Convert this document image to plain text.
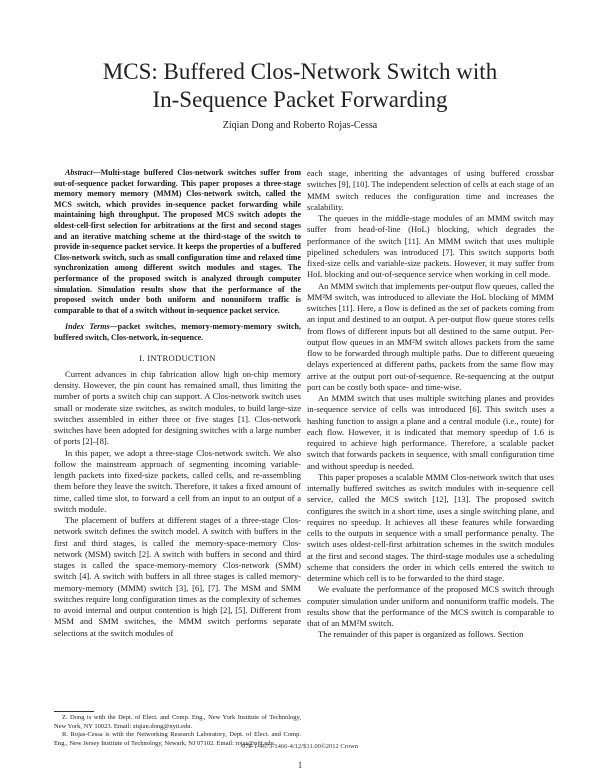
MCS: Buffered Clos-Network Switch with
In-Sequence Packet Forwarding
Ziqian Dong and Roberto Rojas-Cessa

Abstract—Multi-stage buffered Clos-network switches suffer from out-of-sequence packet forwarding. This paper proposes a three-stage memory memory memory (MMM) Clos-network switch, called the MCS switch, which provides in-sequence packet forwarding while maintaining high throughput. The proposed MCS switch adopts the oldest-cell-first selection for arbitrations at the first and second stages and an iterative matching scheme at the third-stage of the switch to provide in-sequence packet service. It keeps the properties of a buffered Clos-network switch, such as small configuration time and relaxed time synchronization among different switch modules and stages. The performance of the proposed switch is analyzed through computer simulation. Simulation results show that the performance of the proposed switch under both uniform and nonuniform traffic is comparable to that of a switch without in-sequence packet service.

Index Terms—packet switches, memory-memory-memory switch, buffered switch, Clos-network, in-sequence.

I. INTRODUCTION

Current advances in chip fabrication allow high on-chip memory density. However, the pin count has remained small, thus limiting the number of ports a switch chip can support. A Clos-network switch uses small or moderate size switches, as switch modules, to build large-size switches assembled in either three or five stages [1]. Clos-network switches have been adopted for designing switches with a large number of ports [2]–[8].

In this paper, we adopt a three-stage Clos-network switch. We also follow the mainstream approach of segmenting incoming variable-length packets into fixed-size packets, called cells, and re-assembling them before they leave the switch. Therefore, it takes a fixed amount of time, called time slot, to forward a cell from an input to an output of a switch module.

The placement of buffers at different stages of a three-stage Clos-network switch defines the switch model. A switch with buffers in the first and third stages, is called the memory-space-memory Clos-network (MSM) switch [2]. A switch with buffers in second and third stages is called the space-memory-memory Clos-network (SMM) switch [4]. A switch with buffers in all three stages is called memory-memory-memory (MMM) switch [3], [6], [7]. The MSM and SMM switches require long configuration times as the complexity of schemes to avoid internal and output contention is high [2], [5]. Different from MSM and SMM switches, the MMM switch performs separate selections at the switch modules of

each stage, inheriting the advantages of using buffered crossbar switches [9], [10]. The independent selection of cells at each stage of an MMM switch reduces the configuration time and increases the scalability.

The queues in the middle-stage modules of an MMM switch may suffer from head-of-line (HoL) blocking, which degrades the performance of the switch [11]. An MMM switch that uses multiple pipelined schedulers was introduced [7]. This switch supports both fixed-size cells and variable-size packets. However, it may suffer from HoL blocking and out-of-sequence service when working in cell mode.

An MMM switch that implements per-output flow queues, called the MM²M switch, was introduced to alleviate the HoL blocking of MMM switches [11]. Here, a flow is defined as the set of packets coming from an input and destined to an output. A per-output flow queue stores cells from flows of different inputs but all destined to the same output. Per-output flow queues in an MM²M switch allows packets from the same flow to be forwarded through multiple paths. Due to different queueing delays experienced at different paths, packets from the same flow may arrive at the output port out-of-sequence. Re-sequencing at the output port can be costly both space- and time-wise.

An MMM switch that uses multiple switching planes and provides in-sequence service of cells was introduced [6]. This switch uses a hashing function to assign a plane and a central module (i.e., route) for each flow. However, it is indicated that memory speedup of 1.6 is required to achieve high performance. Therefore, a scalable packet switch that forwards packets in sequence, with small configuration time and without speedup is needed.

This paper proposes a scalable MMM Clos-network switch that uses internally buffered switches as switch modules with in-sequence cell service, called the MCS switch [12], [13]. The proposed switch configures the switch in a short time, uses a single switching plane, and requires no speedup. It achieves all these features while forwarding cells to the outputs in sequence with a small performance penalty. The switch uses oldest-cell-first arbitration schemes in the switch modules at the first and second stages. The third-stage modules use a scheduling scheme that considers the order in which cells entered the switch to determine which cell is to be forwarded to the third stage.

We evaluate the performance of the proposed MCS switch through computer simulation under uniform and nonuniform traffic models. The results show that the performance of the MCS switch is comparable to that of an MM²M switch.

The remainder of this paper is organized as follows. Section

Z. Dong is with the Dept. of Elect. and Comp. Eng., New York Institute of Technology, New York, NY 10023. Email: ziqian.dong@nyit.edu.

R. Rojas-Cessa is with the Networking Research Laboratory, Dept. of Elect. and Comp. Eng., New Jersey Institute of Technology, Newark, NJ 07102. Email: rojas@njit.edu.

978-1-4673-1466-4/12/$31.00©2012 Crown
1
